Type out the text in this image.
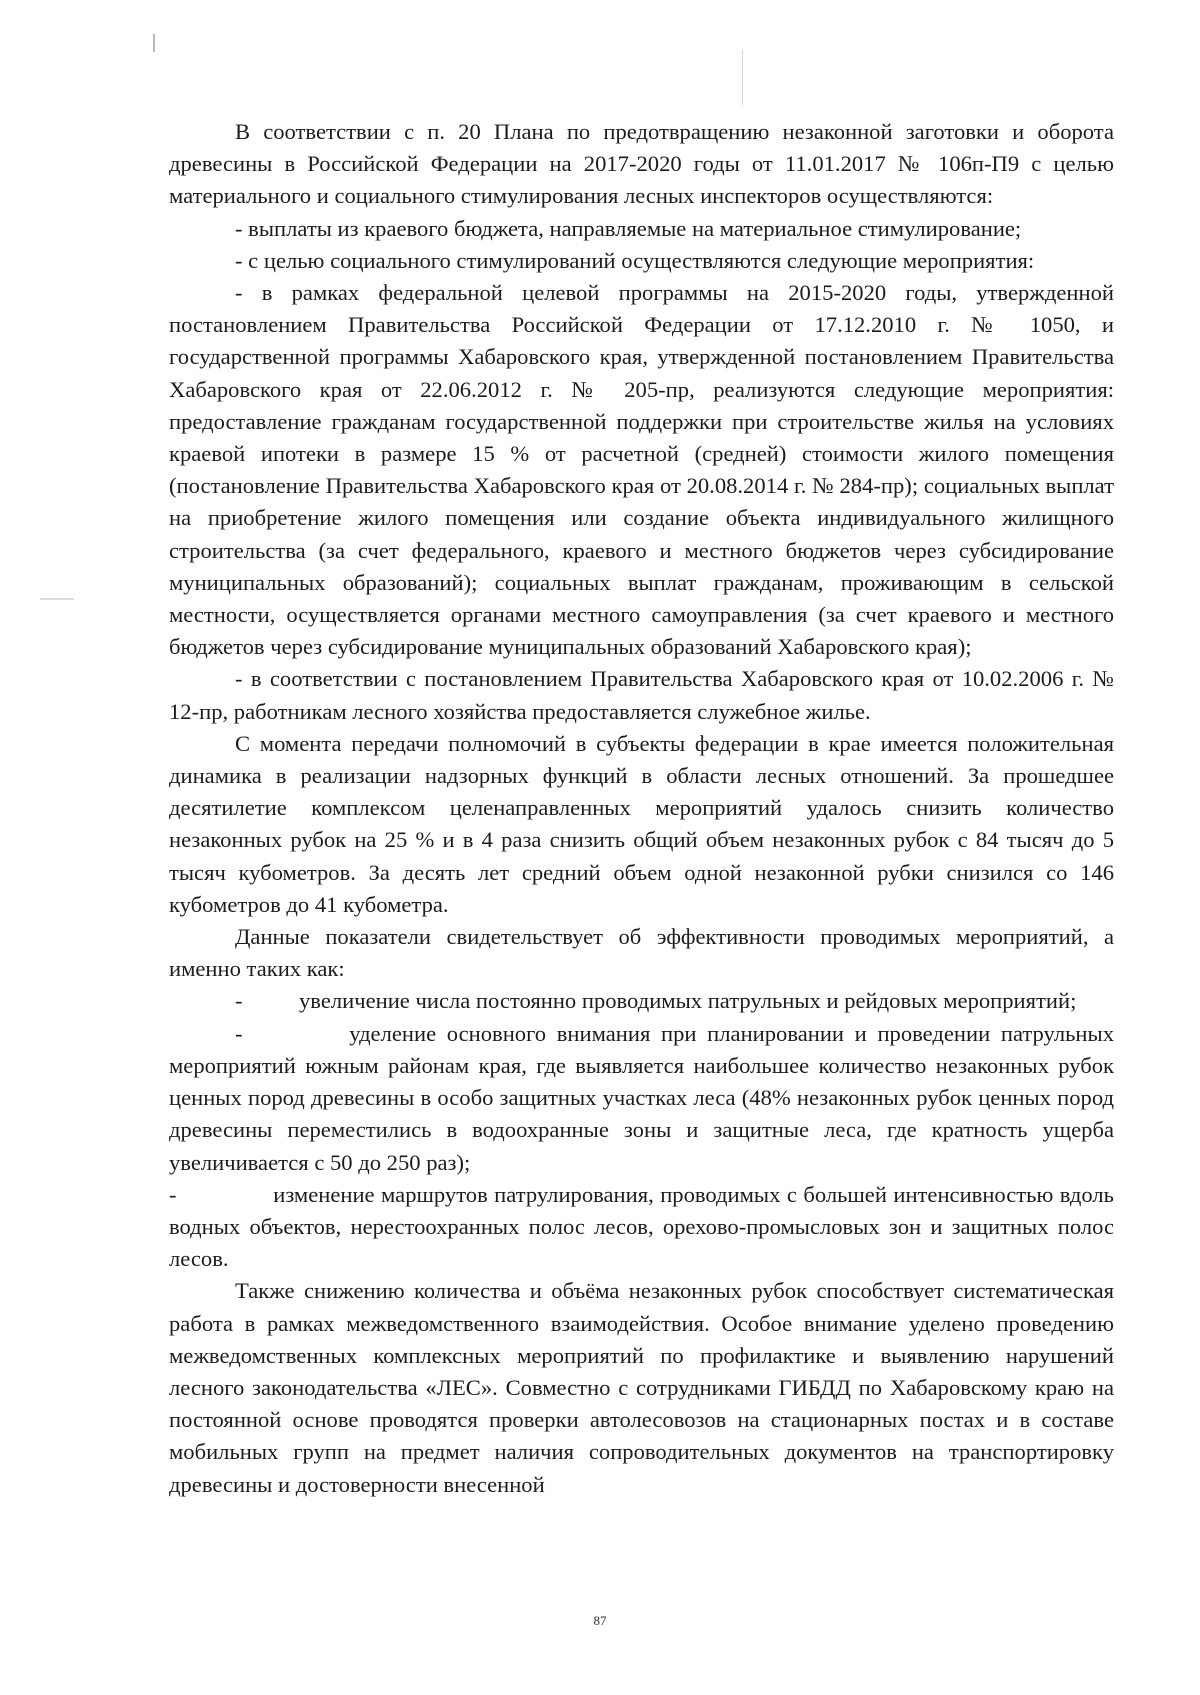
В соответствии с п. 20 Плана по предотвращению незаконной заготовки и оборота древесины в Российской Федерации на 2017-2020 годы от 11.01.2017 № 106п-П9 с целью материального и социального стимулирования лесных инспекторов осуществляются:

- выплаты из краевого бюджета, направляемые на материальное стимулирование;

- с целью социального стимулирований осуществляются следующие мероприятия:

- в рамках федеральной целевой программы на 2015-2020 годы, утвержденной постановлением Правительства Российской Федерации от 17.12.2010 г. № 1050, и государственной программы Хабаровского края, утвержденной постановлением Правительства Хабаровского края от 22.06.2012 г. № 205-пр, реализуются следующие мероприятия: предоставление гражданам государственной поддержки при строительстве жилья на условиях краевой ипотеки в размере 15 % от расчетной (средней) стоимости жилого помещения (постановление Правительства Хабаровского края от 20.08.2014 г. № 284-пр); социальных выплат на приобретение жилого помещения или создание объекта индивидуального жилищного строительства (за счет федерального, краевого и местного бюджетов через субсидирование муниципальных образований); социальных выплат гражданам, проживающим в сельской местности, осуществляется органами местного самоуправления (за счет краевого и местного бюджетов через субсидирование муниципальных образований Хабаровского края);

- в соответствии с постановлением Правительства Хабаровского края от 10.02.2006 г. № 12-пр, работникам лесного хозяйства предоставляется служебное жилье.

С момента передачи полномочий в субъекты федерации в крае имеется положительная динамика в реализации надзорных функций в области лесных отношений. За прошедшее десятилетие комплексом целенаправленных мероприятий удалось снизить количество незаконных рубок на 25 % и в 4 раза снизить общий объем незаконных рубок с 84 тысяч до 5 тысяч кубометров. За десять лет средний объем одной незаконной рубки снизился со 146 кубометров до 41 кубометра.

Данные показатели свидетельствует об эффективности проводимых мероприятий, а именно таких как:

-          увеличение числа постоянно проводимых патрульных и рейдовых мероприятий;

-          уделение основного внимания при планировании и проведении патрульных мероприятий южным районам края, где выявляется наибольшее количество незаконных рубок ценных пород древесины в особо защитных участках леса (48% незаконных рубок ценных пород древесины переместились в водоохранные зоны и защитные леса, где кратность ущерба увеличивается с 50 до 250 раз);

-               изменение маршрутов патрулирования, проводимых с большей интенсивностью вдоль водных объектов, нерестоохранных полос лесов, орехово-промысловых зон и защитных полос лесов.

Также снижению количества и объёма незаконных рубок способствует систематическая работа в рамках межведомственного взаимодействия. Особое внимание уделено проведению межведомственных комплексных мероприятий по профилактике и выявлению нарушений лесного законодательства «ЛЕС». Совместно с сотрудниками ГИБДД по Хабаровскому краю на постоянной основе проводятся проверки автолесовозов на стационарных постах и в составе мобильных групп на предмет наличия сопроводительных документов на транспортировку древесины и достоверности внесенной

87
